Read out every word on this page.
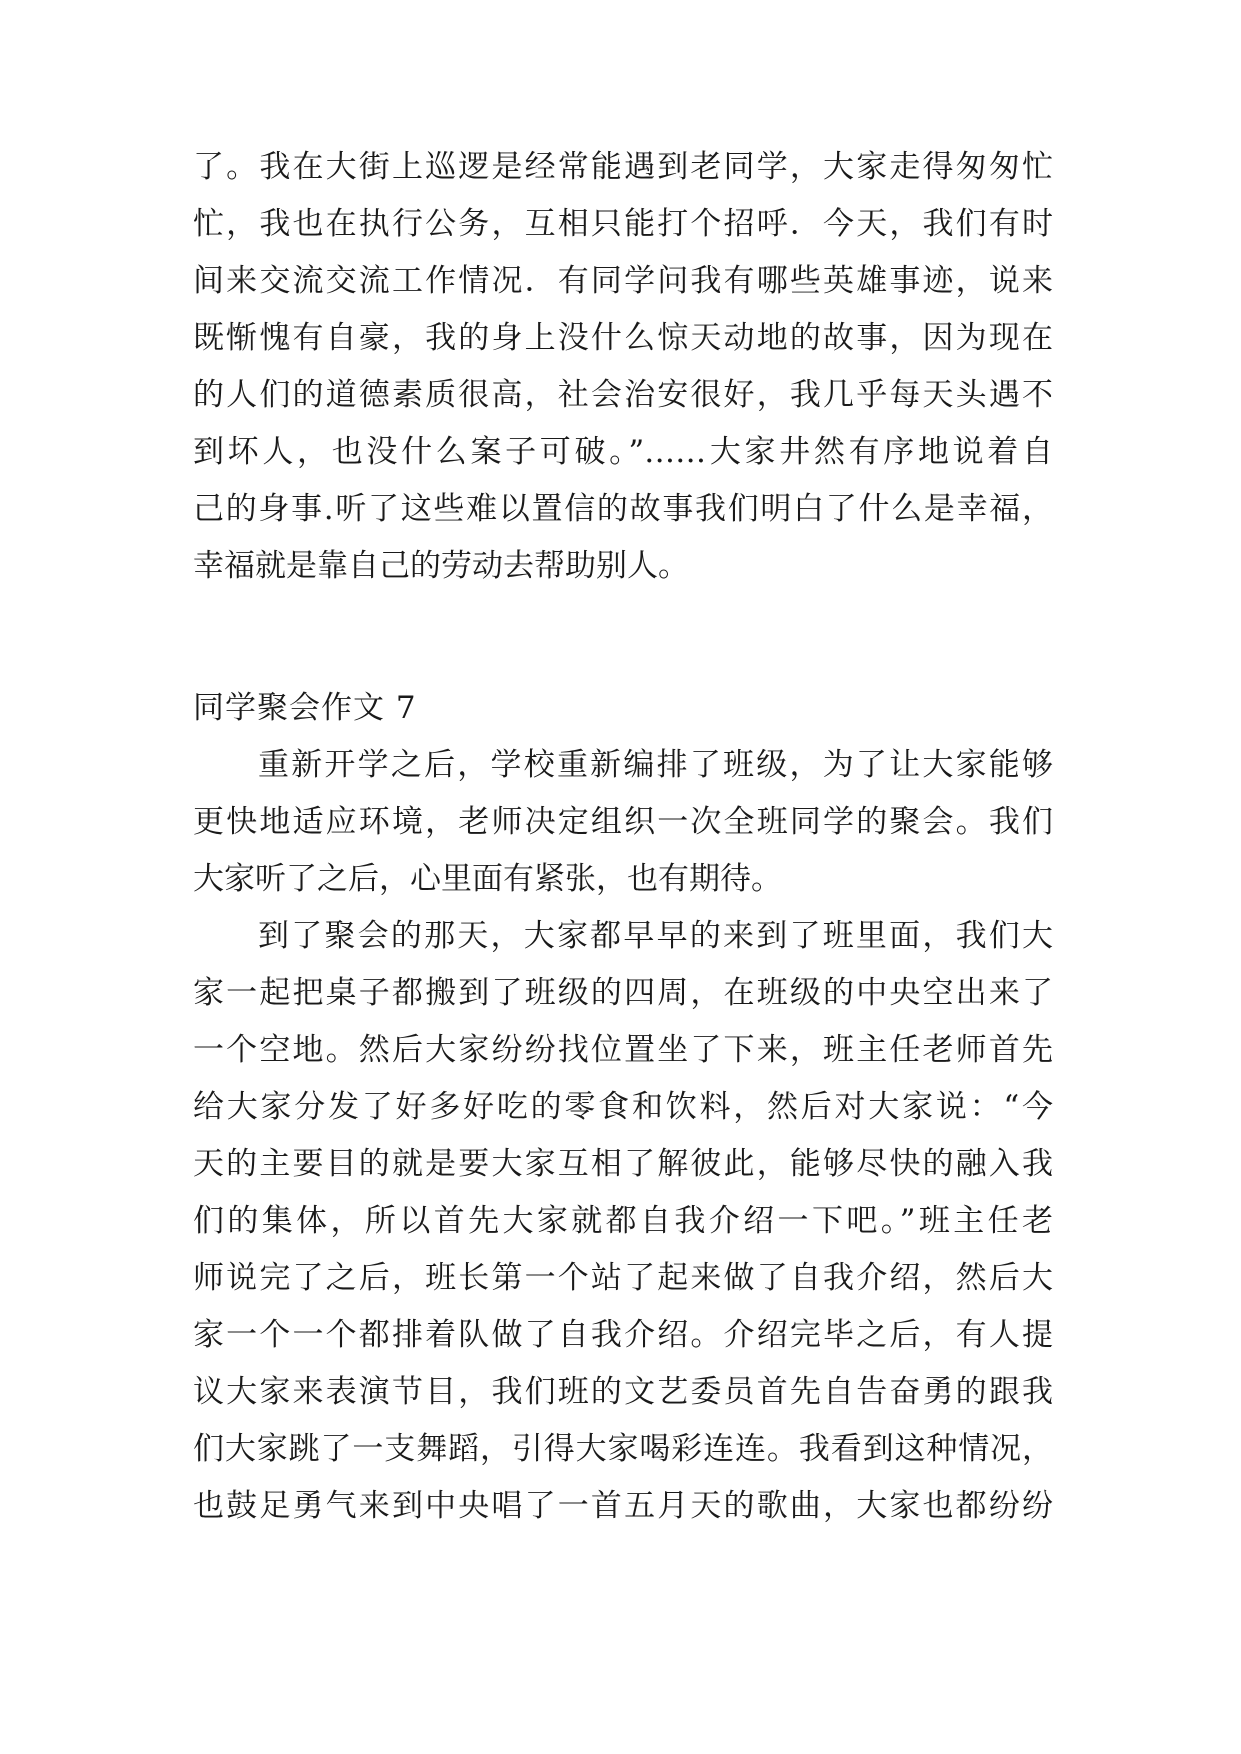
了。我在大街上巡逻是经常能遇到老同学，大家走得匆匆忙
忙，我也在执行公务，互相只能打个招呼．今天，我们有时
间来交流交流工作情况．有同学问我有哪些英雄事迹，说来
既惭愧有自豪，我的身上没什么惊天动地的故事，因为现在
的人们的道德素质很高，社会治安很好，我几乎每天头遇不
到坏人，也没什么案子可破。”……大家井然有序地说着自
己的身事.听了这些难以置信的故事我们明白了什么是幸福，
幸福就是靠自己的劳动去帮助别人。
同学聚会作文 7
重新开学之后，学校重新编排了班级，为了让大家能够
更快地适应环境，老师决定组织一次全班同学的聚会。我们
大家听了之后，心里面有紧张，也有期待。
到了聚会的那天，大家都早早的来到了班里面，我们大
家一起把桌子都搬到了班级的四周，在班级的中央空出来了
一个空地。然后大家纷纷找位置坐了下来，班主任老师首先
给大家分发了好多好吃的零食和饮料，然后对大家说：“今
天的主要目的就是要大家互相了解彼此，能够尽快的融入我
们的集体，所以首先大家就都自我介绍一下吧。”班主任老
师说完了之后，班长第一个站了起来做了自我介绍，然后大
家一个一个都排着队做了自我介绍。介绍完毕之后，有人提
议大家来表演节目，我们班的文艺委员首先自告奋勇的跟我
们大家跳了一支舞蹈，引得大家喝彩连连。我看到这种情况，
也鼓足勇气来到中央唱了一首五月天的歌曲，大家也都纷纷
